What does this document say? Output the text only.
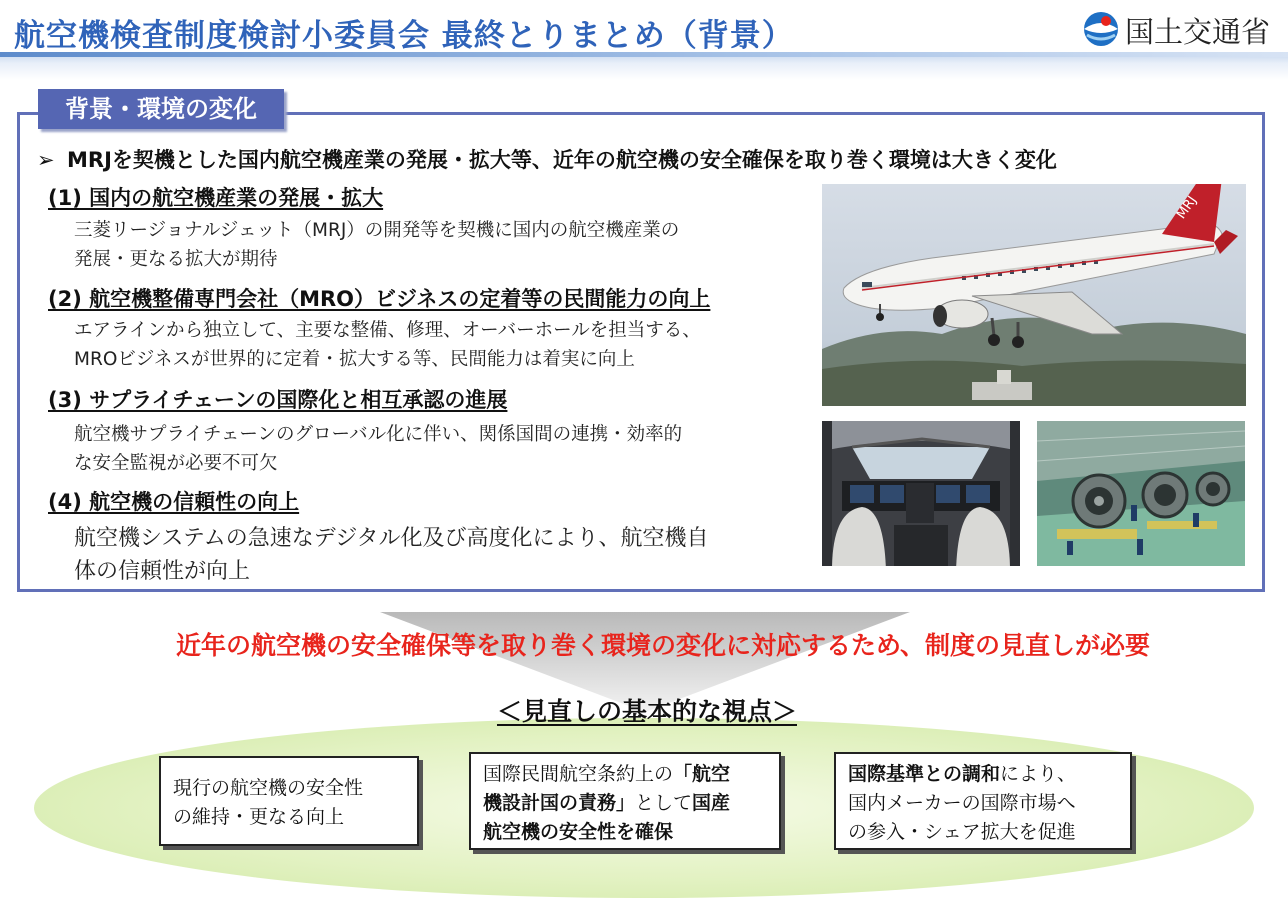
航空機検査制度検討小委員会 最終とりまとめ（背景）	国土交通省
背景・環境の変化
➢ MRJを契機とした国内航空機産業の発展・拡大等、近年の航空機の安全確保を取り巻く環境は大きく変化
(1) 国内の航空機産業の発展・拡大
三菱リージョナルジェット（MRJ）の開発等を契機に国内の航空機産業の
発展・更なる拡大が期待
(2) 航空機整備専門会社（MRO）ビジネスの定着等の民間能力の向上
エアラインから独立して、主要な整備、修理、オーバーホールを担当する、
MROビジネスが世界的に定着・拡大する等、民間能力は着実に向上
(3) サプライチェーンの国際化と相互承認の進展
航空機サプライチェーンのグローバル化に伴い、関係国間の連携・効率的
な安全監視が必要不可欠
(4) 航空機の信頼性の向上
航空機システムの急速なデジタル化及び高度化により、航空機自
体の信頼性が向上
MRJ
近年の航空機の安全確保等を取り巻く環境の変化に対応するため、制度の見直しが必要
＜見直しの基本的な視点＞
現行の航空機の安全性
の維持・更なる向上
国際民間航空条約上の「航空
機設計国の責務」として国産
航空機の安全性を確保
国際基準との調和により、
国内メーカーの国際市場へ
の参入・シェア拡大を促進
